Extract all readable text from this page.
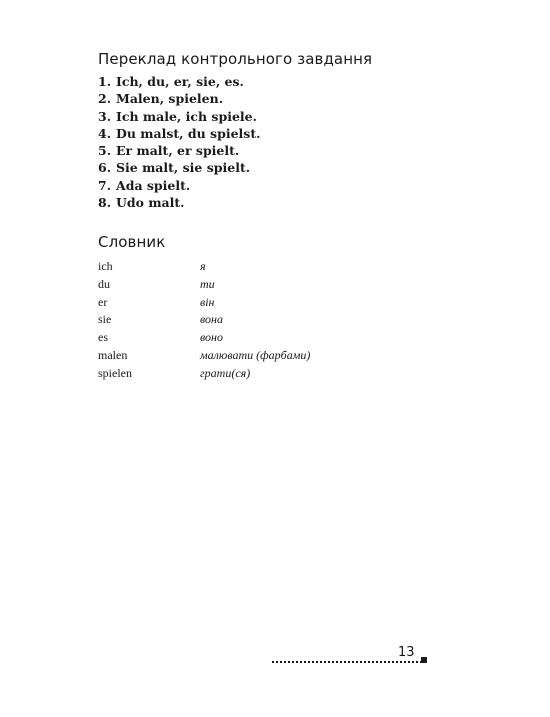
Переклад контрольного завдання
1. Ich, du, er, sie, es.
2. Malen, spielen.
3. Ich male, ich spiele.
4. Du malst, du spielst.
5. Er malt, er spielt.
6. Sie malt, sie spielt.
7. Ada spielt.
8. Udo malt.
Словник
ich	я
du	ти
er	він
sie	вона
es	воно
malen	малювати (фарбами)
spielen	грати(ся)
13
